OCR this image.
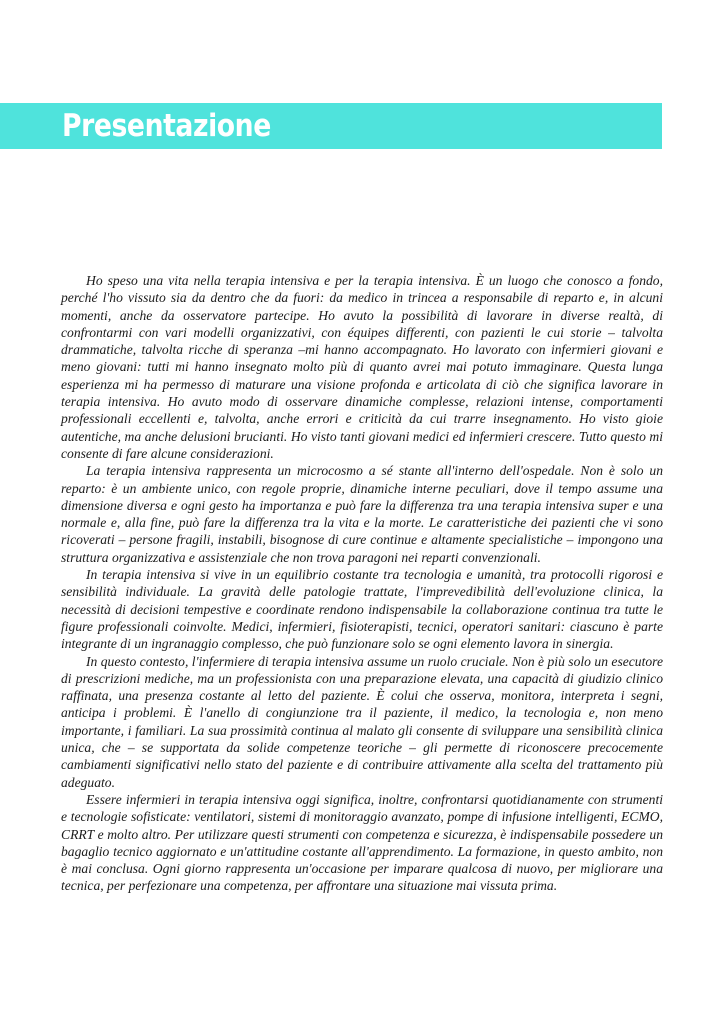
Presentazione

Ho speso una vita nella terapia intensiva e per la terapia intensiva. È un luogo che conosco a fondo, perché l'ho vissuto sia da dentro che da fuori: da medico in trincea a responsabile di reparto e, in alcuni momenti, anche da osservatore partecipe. Ho avuto la possibilità di lavorare in diverse realtà, di confrontarmi con vari modelli organizzativi, con équipes differenti, con pazienti le cui storie – talvolta drammatiche, talvolta ricche di speranza –mi hanno accompagnato. Ho lavorato con infermieri giovani e meno giovani: tutti mi hanno insegnato molto più di quanto avrei mai potuto immaginare. Questa lunga esperienza mi ha permesso di maturare una visione profonda e articolata di ciò che significa lavorare in terapia intensiva. Ho avuto modo di osservare dinamiche complesse, relazioni intense, comportamenti professionali eccellenti e, talvolta, anche errori e criticità da cui trarre insegnamento. Ho visto gioie autentiche, ma anche delusioni brucianti. Ho visto tanti giovani medici ed infermieri crescere. Tutto questo mi consente di fare alcune considerazioni.

La terapia intensiva rappresenta un microcosmo a sé stante all'interno dell'ospedale. Non è solo un reparto: è un ambiente unico, con regole proprie, dinamiche interne peculiari, dove il tempo assume una dimensione diversa e ogni gesto ha importanza e può fare la differenza tra una terapia intensiva super e una normale e, alla fine, può fare la differenza tra la vita e la morte. Le caratteristiche dei pazienti che vi sono ricoverati – persone fragili, instabili, bisognose di cure continue e altamente specialistiche – impongono una struttura organizzativa e assistenziale che non trova paragoni nei reparti convenzionali.

In terapia intensiva si vive in un equilibrio costante tra tecnologia e umanità, tra protocolli rigorosi e sensibilità individuale. La gravità delle patologie trattate, l'imprevedibilità dell'evoluzione clinica, la necessità di decisioni tempestive e coordinate rendono indispensabile la collaborazione continua tra tutte le figure professionali coinvolte. Medici, infermieri, fisioterapisti, tecnici, operatori sanitari: ciascuno è parte integrante di un ingranaggio complesso, che può funzionare solo se ogni elemento lavora in sinergia.

In questo contesto, l'infermiere di terapia intensiva assume un ruolo cruciale. Non è più solo un esecutore di prescrizioni mediche, ma un professionista con una preparazione elevata, una capacità di giudizio clinico raffinata, una presenza costante al letto del paziente. È colui che osserva, monitora, interpreta i segni, anticipa i problemi. È l'anello di congiunzione tra il paziente, il medico, la tecnologia e, non meno importante, i familiari. La sua prossimità continua al malato gli consente di sviluppare una sensibilità clinica unica, che – se supportata da solide competenze teoriche – gli permette di riconoscere precocemente cambiamenti significativi nello stato del paziente e di contribuire attivamente alla scelta del trattamento più adeguato.

Essere infermieri in terapia intensiva oggi significa, inoltre, confrontarsi quotidianamente con strumenti e tecnologie sofisticate: ventilatori, sistemi di monitoraggio avanzato, pompe di infusione intelligenti, ECMO, CRRT e molto altro. Per utilizzare questi strumenti con competenza e sicurezza, è indispensabile possedere un bagaglio tecnico aggiornato e un'attitudine costante all'apprendimento. La formazione, in questo ambito, non è mai conclusa. Ogni giorno rappresenta un'occasione per imparare qualcosa di nuovo, per migliorare una tecnica, per perfezionare una competenza, per affrontare una situazione mai vissuta prima.
